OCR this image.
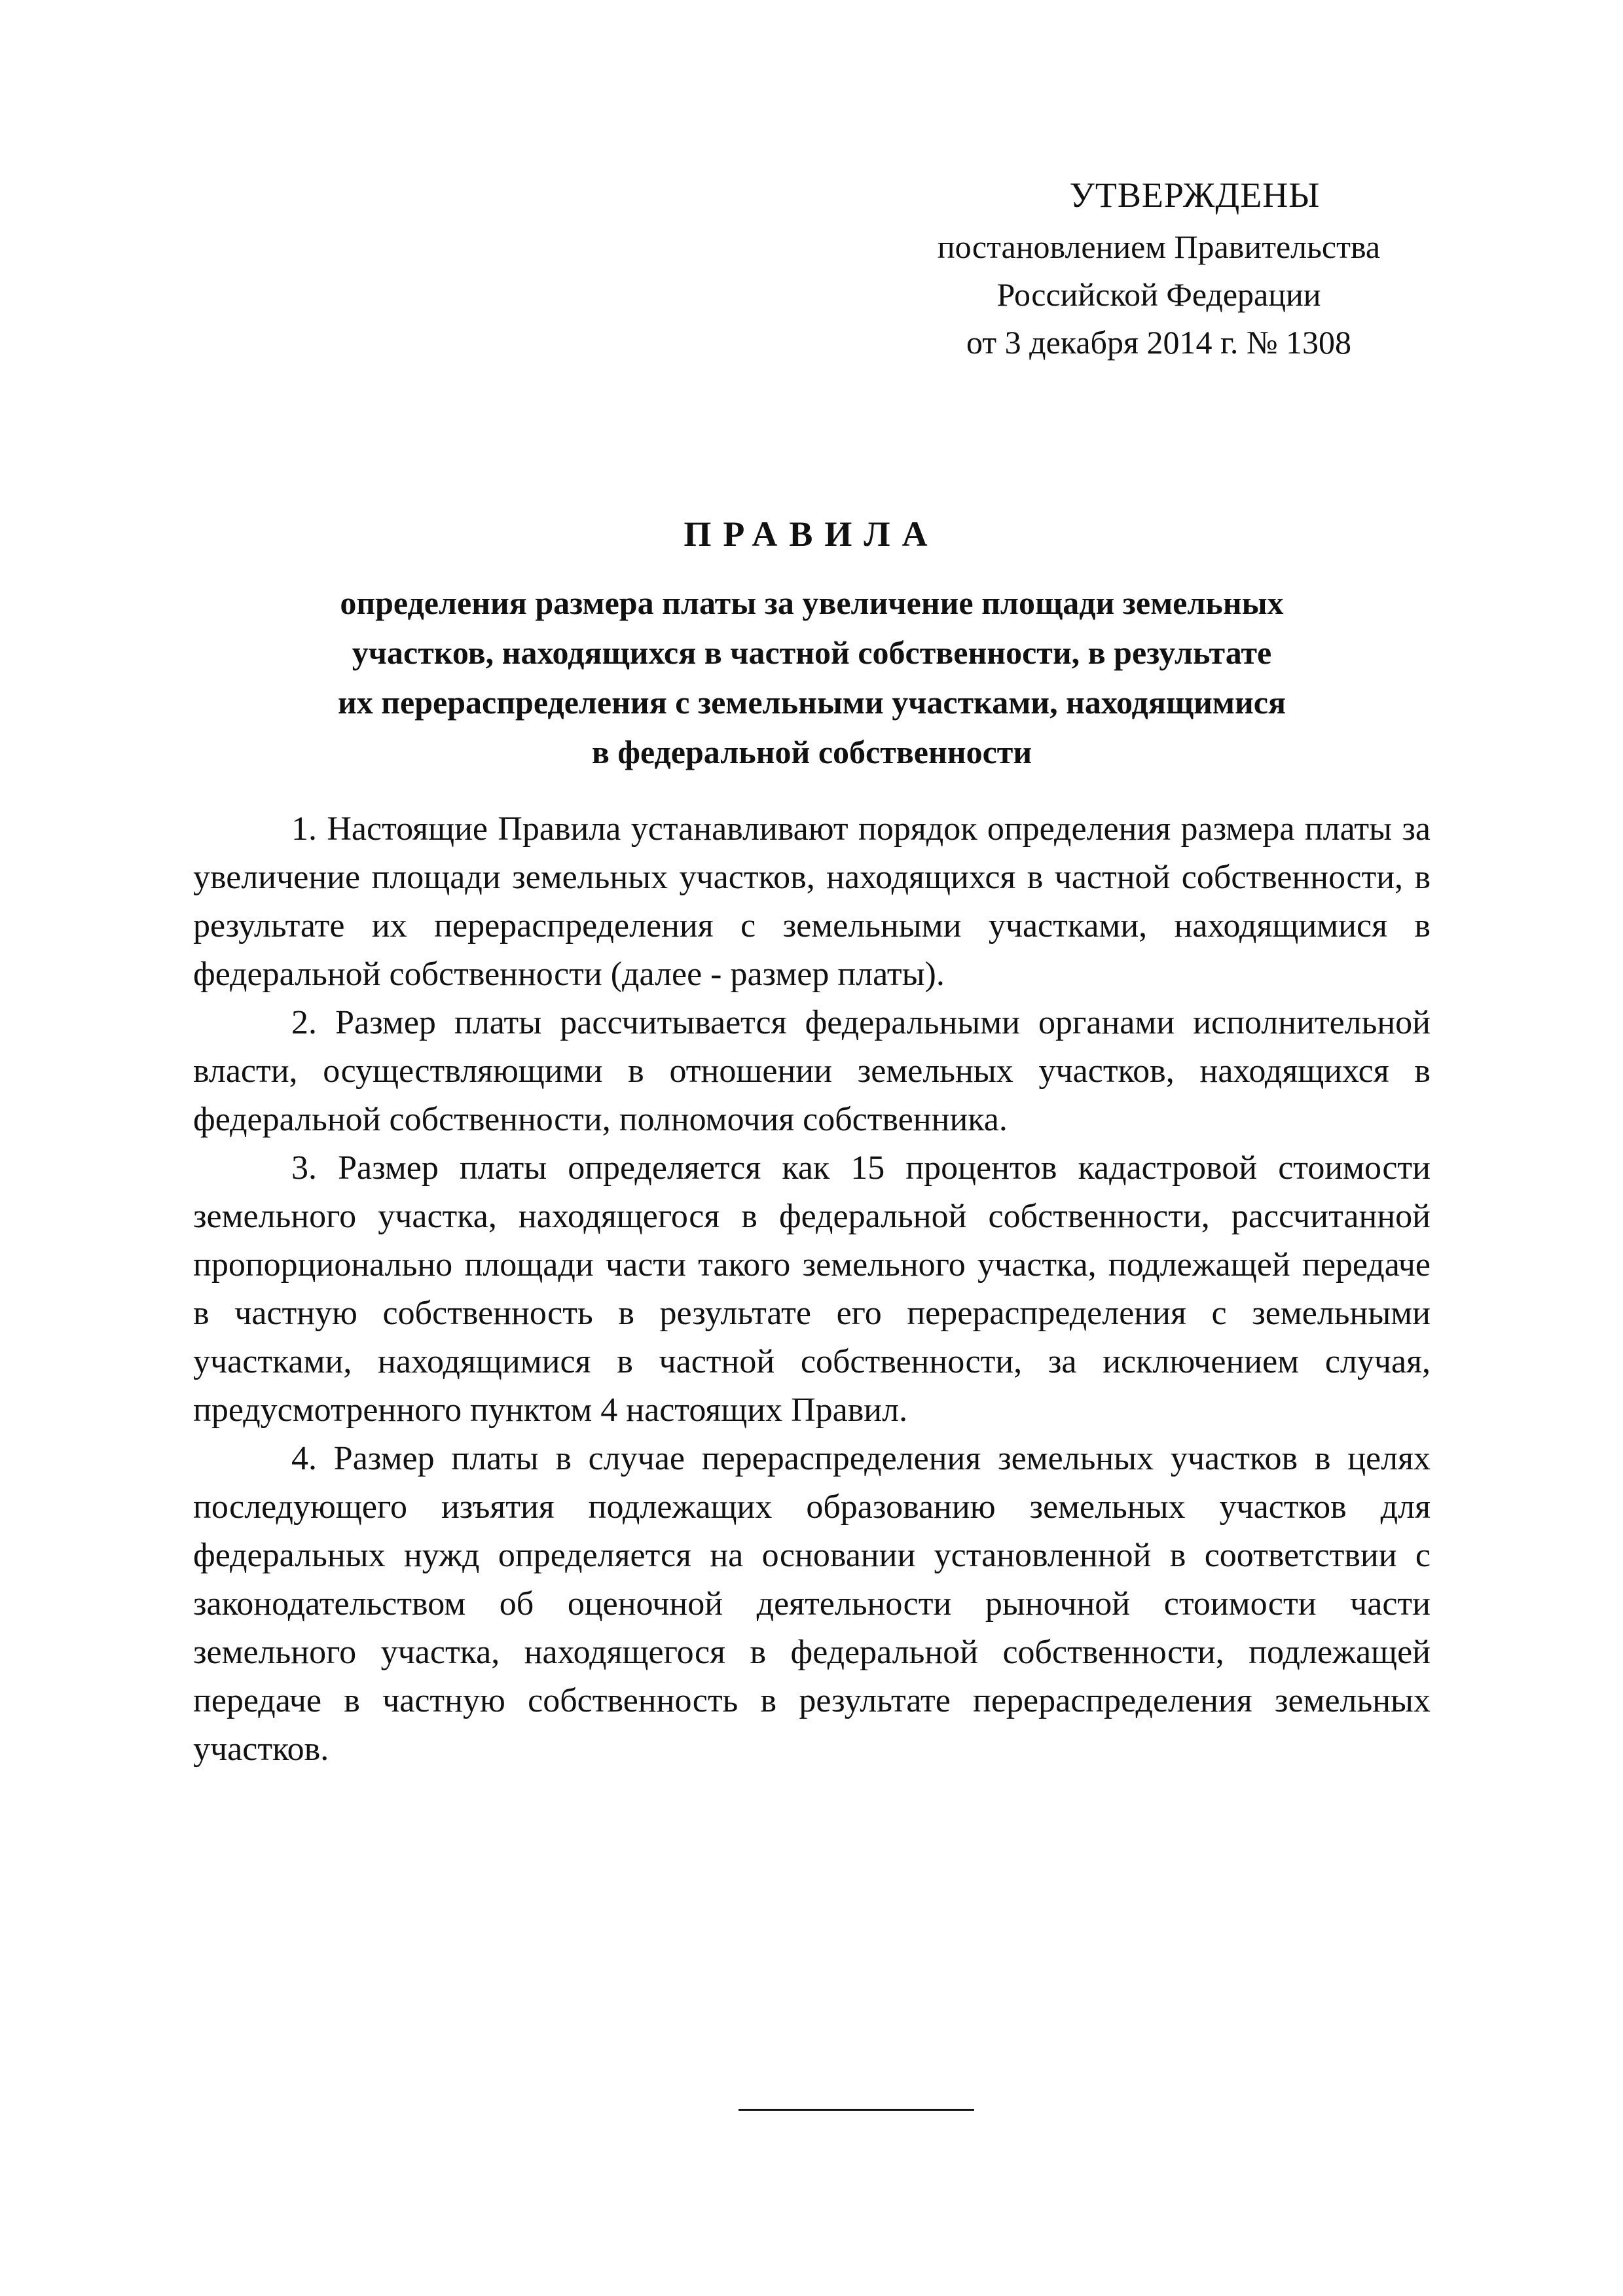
УТВЕРЖДЕНЫ
постановлением Правительства
Российской Федерации
от 3 декабря 2014 г. № 1308
ПРАВИЛА
определения размера платы за увеличение площади земельных
участков, находящихся в частной собственности, в результате
их перераспределения с земельными участками, находящимися
в федеральной собственности

1. Настоящие Правила устанавливают порядок определения размера платы за увеличение площади земельных участков, находящихся в частной собственности, в результате их перераспределения с земельными участками, находящимися в федеральной собственности (далее - размер платы).

2. Размер платы рассчитывается федеральными органами исполнительной власти, осуществляющими в отношении земельных участков, находящихся в федеральной собственности, полномочия собственника.

3. Размер платы определяется как 15 процентов кадастровой стоимости земельного участка, находящегося в федеральной собственности, рассчитанной пропорционально площади части такого земельного участка, подлежащей передаче в частную собственность в результате его перераспределения с земельными участками, находящимися в частной собственности, за исключением случая, предусмотренного пунктом 4 настоящих Правил.

4. Размер платы в случае перераспределения земельных участков в целях последующего изъятия подлежащих образованию земельных участков для федеральных нужд определяется на основании установленной в соответствии с законодательством об оценочной деятельности рыночной стоимости части земельного участка, находящегося в федеральной собственности, подлежащей передаче в частную собственность в результате перераспределения земельных участков.
